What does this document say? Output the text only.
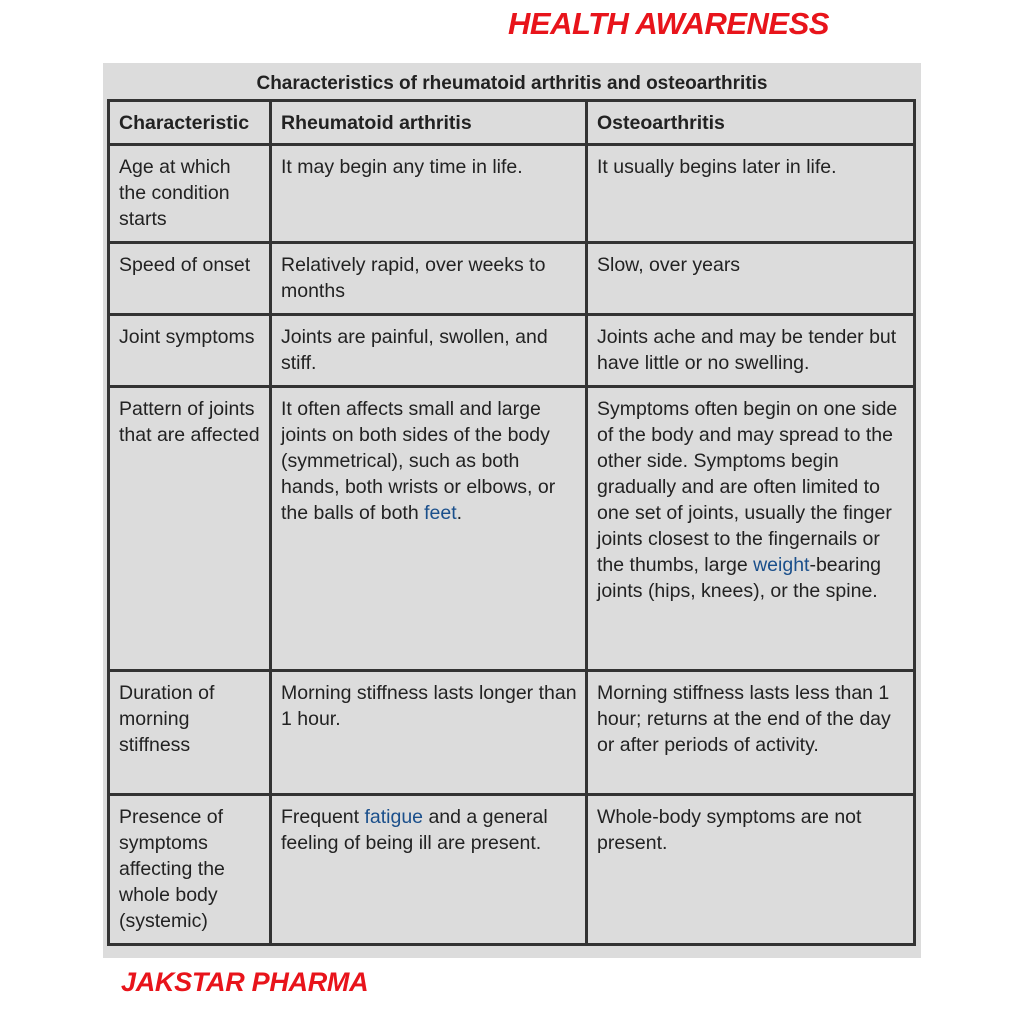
HEALTH AWARENESS
Characteristics of rheumatoid arthritis and osteoarthritis
Characteristic	Rheumatoid arthritis	Osteoarthritis
Age at which the condition starts	It may begin any time in life.	It usually begins later in life.
Speed of onset	Relatively rapid, over weeks to months	Slow, over years
Joint symptoms	Joints are painful, swollen, and stiff.	Joints ache and may be tender but have little or no swelling.
Pattern of joints that are affected	It often affects small and large joints on both sides of the body (symmetrical), such as both hands, both wrists or elbows, or the balls of both feet.	Symptoms often begin on one side of the body and may spread to the other side. Symptoms begin gradually and are often limited to one set of joints, usually the finger joints closest to the fingernails or the thumbs, large weight-bearing joints (hips, knees), or the spine.
Duration of morning stiffness	Morning stiffness lasts longer than 1 hour.	Morning stiffness lasts less than 1 hour; returns at the end of the day or after periods of activity.
Presence of symptoms affecting the whole body (systemic)	Frequent fatigue and a general feeling of being ill are present.	Whole-body symptoms are not present.
JAKSTAR PHARMA
